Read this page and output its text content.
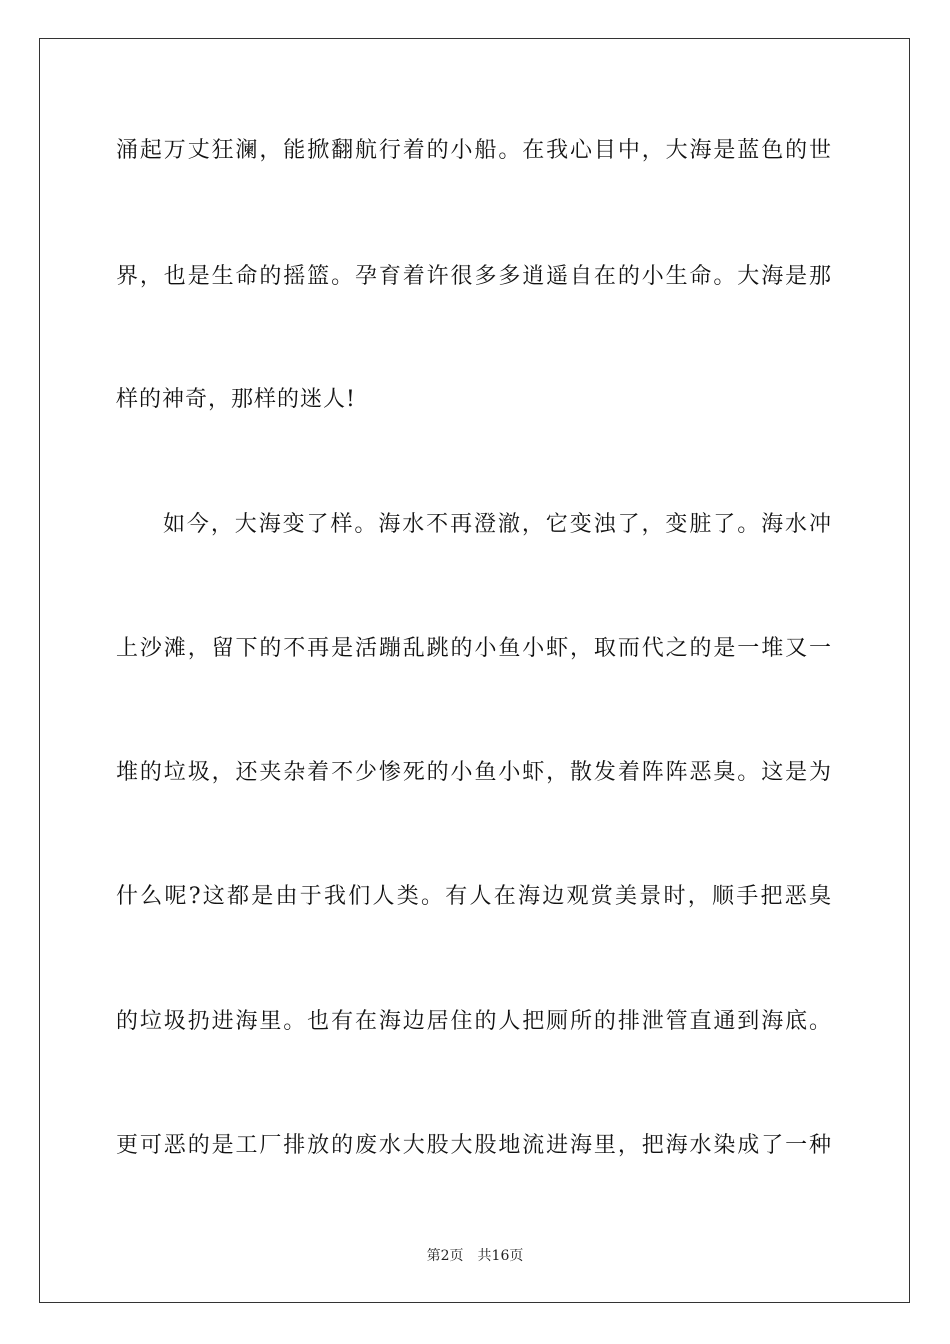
涌起万丈狂澜，能掀翻航行着的小船。在我心目中，大海是蓝色的世
界，也是生命的摇篮。孕育着许很多多逍遥自在的小生命。大海是那
样的神奇，那样的迷人!
如今，大海变了样。海水不再澄澈，它变浊了，变脏了。海水冲
上沙滩，留下的不再是活蹦乱跳的小鱼小虾，取而代之的是一堆又一
堆的垃圾，还夹杂着不少惨死的小鱼小虾，散发着阵阵恶臭。这是为
什么呢?这都是由于我们人类。有人在海边观赏美景时，顺手把恶臭
的垃圾扔进海里。也有在海边居住的人把厕所的排泄管直通到海底。
更可恶的是工厂排放的废水大股大股地流进海里，把海水染成了一种
第2页 共16页
